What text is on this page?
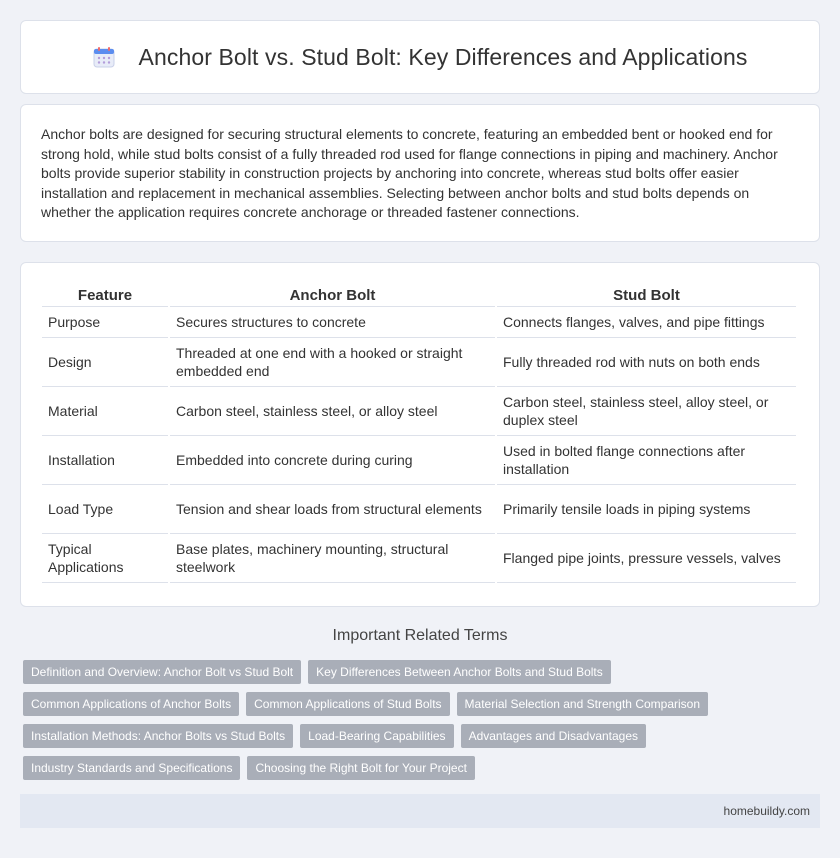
Anchor Bolt vs. Stud Bolt: Key Differences and Applications

Anchor bolts are designed for securing structural elements to concrete, featuring an embedded bent or hooked end for strong hold, while stud bolts consist of a fully threaded rod used for flange connections in piping and machinery. Anchor bolts provide superior stability in construction projects by anchoring into concrete, whereas stud bolts offer easier installation and replacement in mechanical assemblies. Selecting between anchor bolts and stud bolts depends on whether the application requires concrete anchorage or threaded fastener connections.

Feature	Anchor Bolt	Stud Bolt
Purpose	Secures structures to concrete	Connects flanges, valves, and pipe fittings
Design	Threaded at one end with a hooked or straight embedded end	Fully threaded rod with nuts on both ends
Material	Carbon steel, stainless steel, or alloy steel	Carbon steel, stainless steel, alloy steel, or duplex steel
Installation	Embedded into concrete during curing	Used in bolted flange connections after installation
Load Type	Tension and shear loads from structural elements	Primarily tensile loads in piping systems
Typical Applications	Base plates, machinery mounting, structural steelwork	Flanged pipe joints, pressure vessels, valves
Important Related Terms
Definition and Overview: Anchor Bolt vs Stud Bolt	Key Differences Between Anchor Bolts and Stud Bolts
Common Applications of Anchor Bolts	Common Applications of Stud Bolts	Material Selection and Strength Comparison
Installation Methods: Anchor Bolts vs Stud Bolts	Load-Bearing Capabilities	Advantages and Disadvantages
Industry Standards and Specifications	Choosing the Right Bolt for Your Project
homebuildy.com
